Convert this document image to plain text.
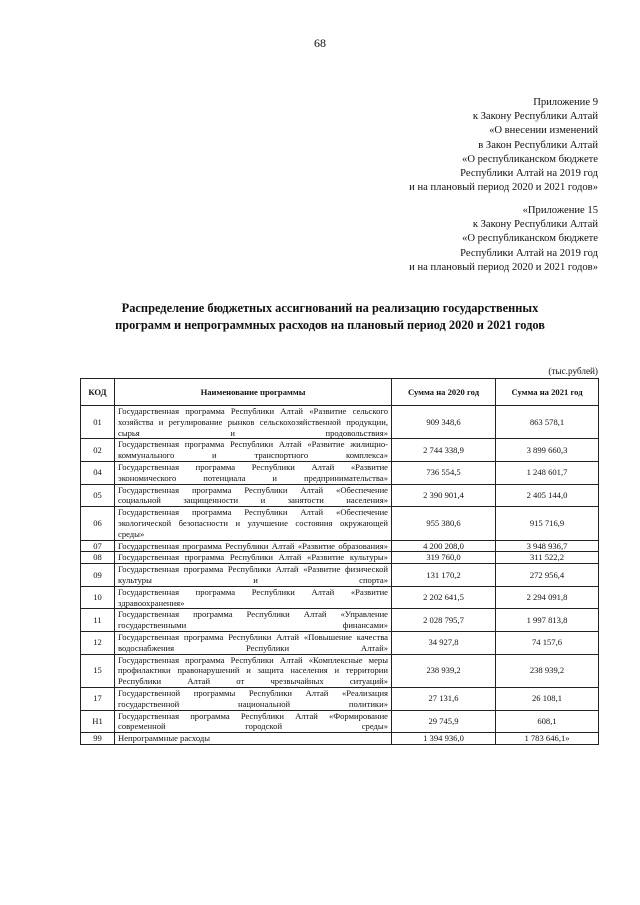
68
Приложение 9
к Закону Республики Алтай
«О внесении изменений
в Закон Республики Алтай
«О республиканском бюджете
Республики Алтай на 2019 год
и на плановый период 2020 и 2021 годов»
«Приложение 15
к Закону Республики Алтай
«О республиканском бюджете
Республики Алтай на 2019 год
и на плановый период 2020 и 2021 годов»
Распределение бюджетных ассигнований на реализацию государственных
программ и непрограммных расходов на плановый период 2020 и 2021 годов
(тыс.рублей)
КОД	Наименование программы	Сумма на 2020 год	Сумма на 2021 год
01	Государственная программа Республики Алтай «Развитие сельского хозяйства и регулирование рынков сельскохозяйственной продукции, сырья и продовольствия»	909 348,6	863 578,1
02	Государственная программа Республики Алтай «Развитие жилищно-коммунального и транспортного комплекса»	2 744 338,9	3 899 660,3
04	Государственная программа Республики Алтай «Развитие экономического потенциала и предпринимательства»	736 554,5	1 248 601,7
05	Государственная программа Республики Алтай «Обеспечение социальной защищенности и занятости населения»	2 390 901,4	2 405 144,0
06	Государственная программа Республики Алтай «Обеспечение экологической безопасности и улучшение состояния окружающей среды»	955 380,6	915 716,9
07	Государственная программа Республики Алтай «Развитие образования»	4 200 208,0	3 948 936,7
08	Государственная программа Республики Алтай «Развитие культуры»	319 760,0	311 522,2
09	Государственная программа Республики Алтай «Развитие физической культуры и спорта»	131 170,2	272 956,4
10	Государственная программа Республики Алтай «Развитие здравоохранения»	2 202 641,5	2 294 091,8
11	Государственная программа Республики Алтай «Управление государственными финансами»	2 028 795,7	1 997 813,8
12	Государственная программа Республики Алтай «Повышение качества водоснабжения Республики Алтай»	34 927,8	74 157,6
15	Государственная программа Республики Алтай «Комплексные меры профилактики правонарушений и защита населения и территории Республики Алтай от чрезвычайных ситуаций»	238 939,2	238 939,2
17	Государственной программы Республики Алтай «Реализация государственной национальной политики»	27 131,6	26 108,1
Н1	Государственная программа Республики Алтай «Формирование современной городской среды»	29 745,9	608,1
99	Непрограммные расходы	1 394 936,0	1 783 646,1»
